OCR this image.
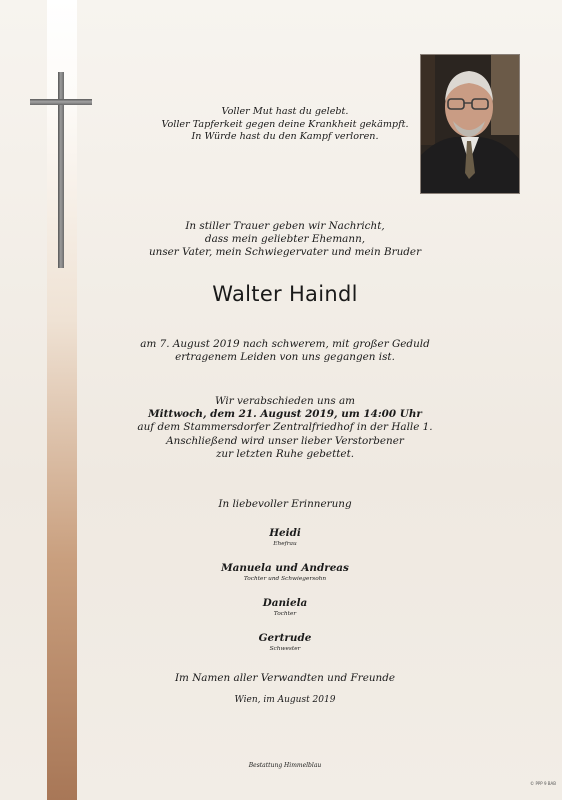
Voller Mut hast du gelebt.
Voller Tapferkeit gegen deine Krankheit gekämpft.
In Würde hast du den Kampf verloren.
In stiller Trauer geben wir Nachricht,
dass mein geliebter Ehemann,
unser Vater, mein Schwiegervater und mein Bruder
Walter Haindl
am 7. August 2019 nach schwerem, mit großer Geduld
ertragenem Leiden von uns gegangen ist.
Wir verabschieden uns am
Mittwoch, dem 21. August 2019, um 14:00 Uhr
auf dem Stammersdorfer Zentralfriedhof in der Halle 1.
Anschließend wird unser lieber Verstorbener
zur letzten Ruhe gebettet.
In liebevoller Erinnerung
Heidi
Ehefrau
Manuela und Andreas
Tochter und Schwiegersohn
Daniela
Tochter
Gertrude
Schwester
Im Namen aller Verwandten und Freunde
Wien, im August 2019
Bestattung Himmelblau
© PPP 9 BAB
